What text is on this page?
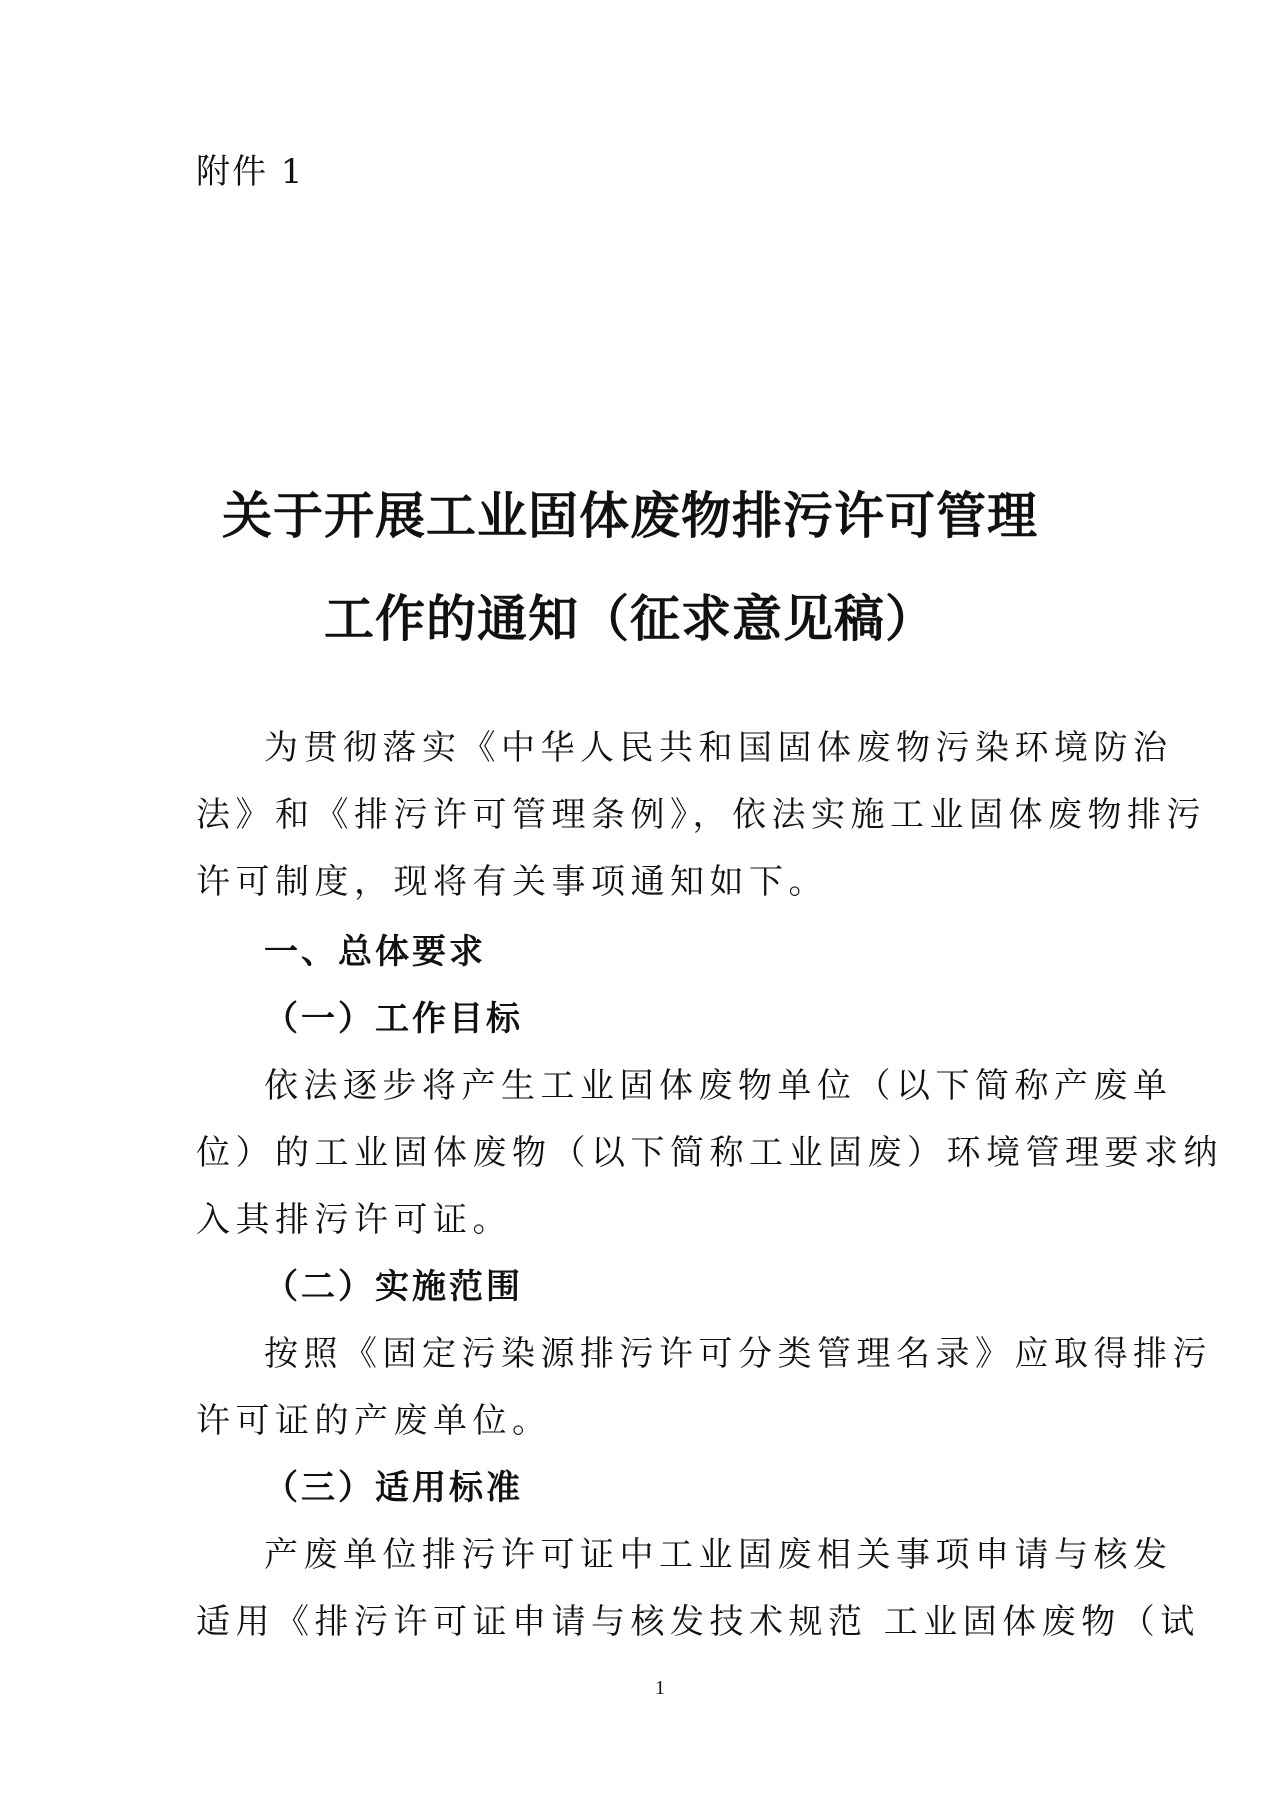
附件 1
关于开展工业固体废物排污许可管理
工作的通知（征求意见稿）
为贯彻落实《中华人民共和国固体废物污染环境防治
法》和《排污许可管理条例》，依法实施工业固体废物排污
许可制度，现将有关事项通知如下。
一、总体要求
（一）工作目标
依法逐步将产生工业固体废物单位（以下简称产废单
位）的工业固体废物（以下简称工业固废）环境管理要求纳
入其排污许可证。
（二）实施范围
按照《固定污染源排污许可分类管理名录》应取得排污
许可证的产废单位。
（三）适用标准
产废单位排污许可证中工业固废相关事项申请与核发
适用《排污许可证申请与核发技术规范 工业固体废物（试
1
